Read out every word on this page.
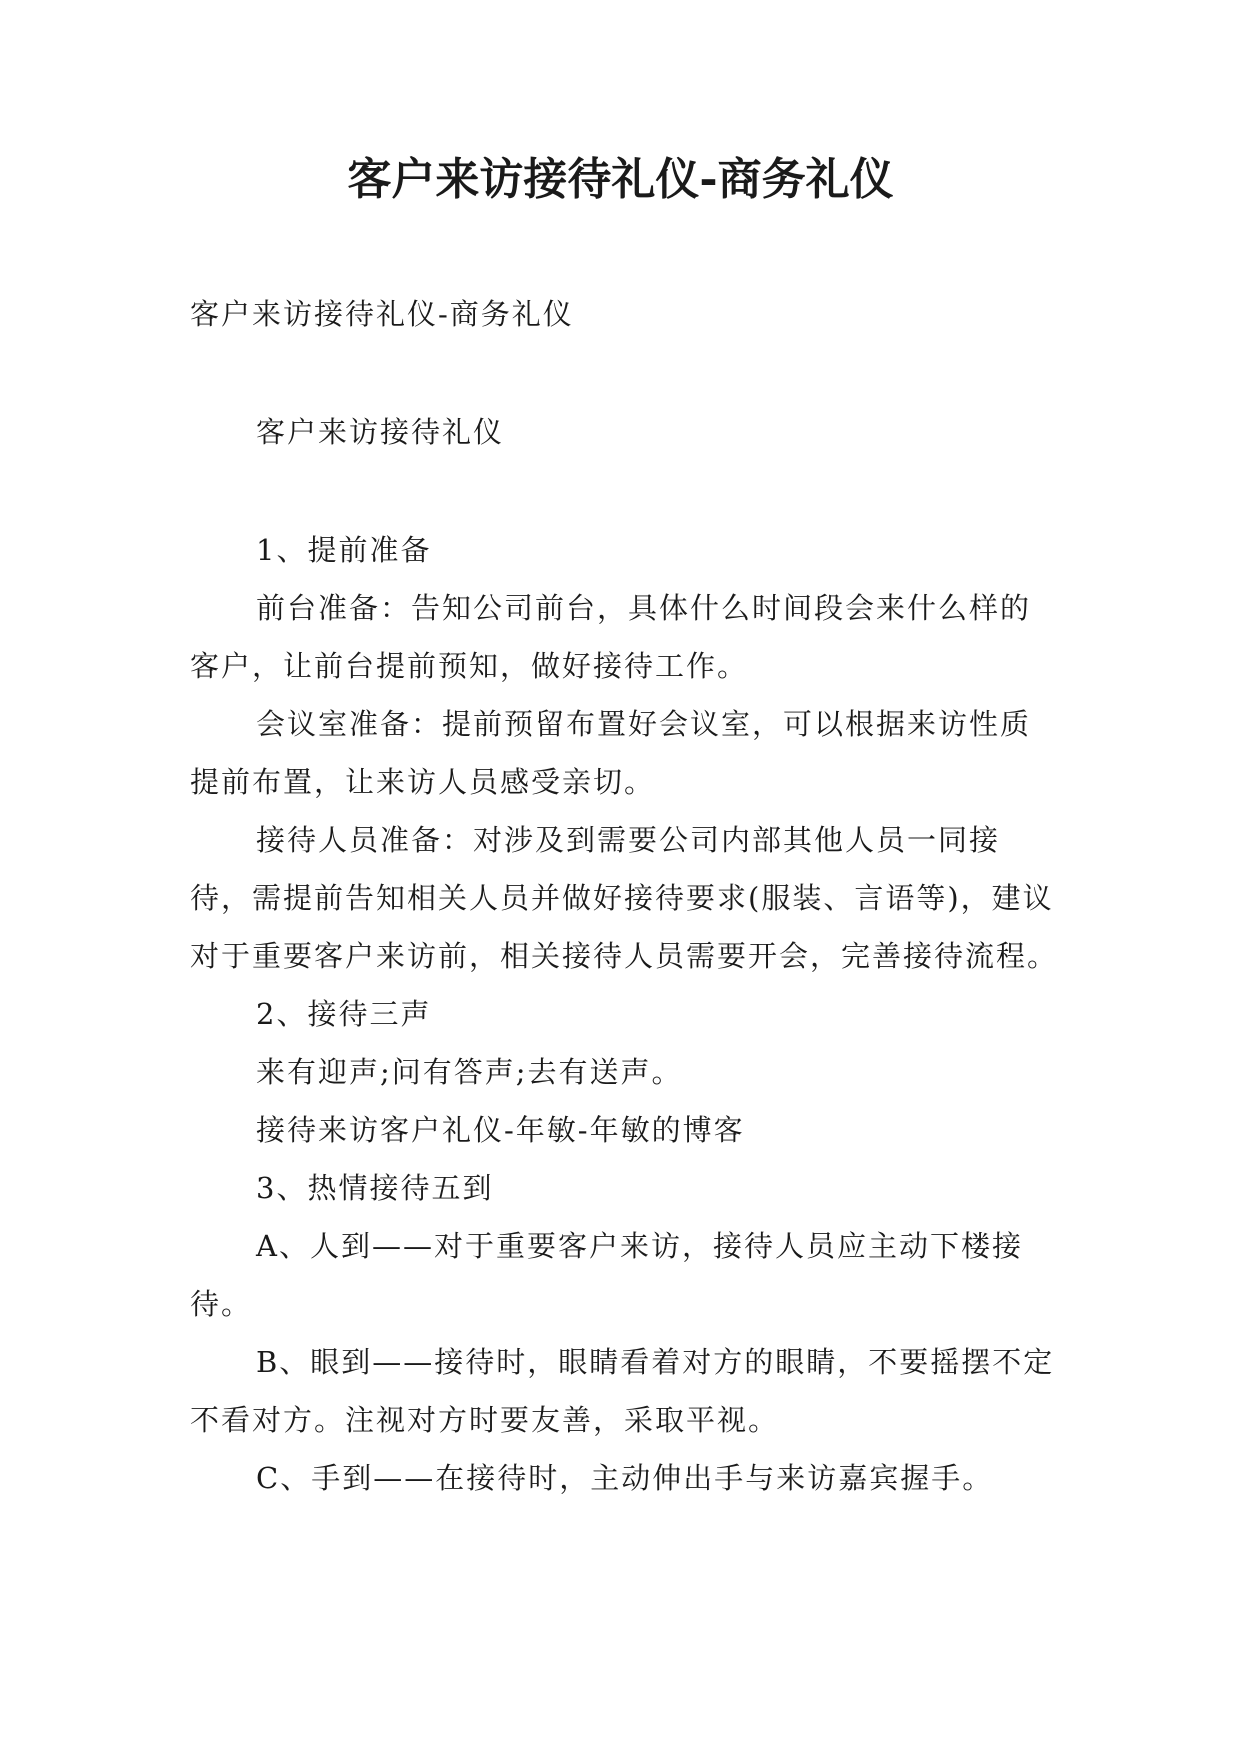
客户来访接待礼仪-商务礼仪

客户来访接待礼仪-商务礼仪

客户来访接待礼仪

1、提前准备

前台准备：告知公司前台，具体什么时间段会来什么样的客户，让前台提前预知，做好接待工作。

会议室准备：提前预留布置好会议室，可以根据来访性质提前布置，让来访人员感受亲切。

接待人员准备：对涉及到需要公司内部其他人员一同接待，需提前告知相关人员并做好接待要求(服装、言语等)，建议对于重要客户来访前，相关接待人员需要开会，完善接待流程。

2、接待三声

来有迎声;问有答声;去有送声。

接待来访客户礼仪-年敏-年敏的博客

3、热情接待五到

A、人到——对于重要客户来访，接待人员应主动下楼接待。

B、眼到——接待时，眼睛看着对方的眼睛，不要摇摆不定不看对方。注视对方时要友善，采取平视。

C、手到——在接待时，主动伸出手与来访嘉宾握手。
